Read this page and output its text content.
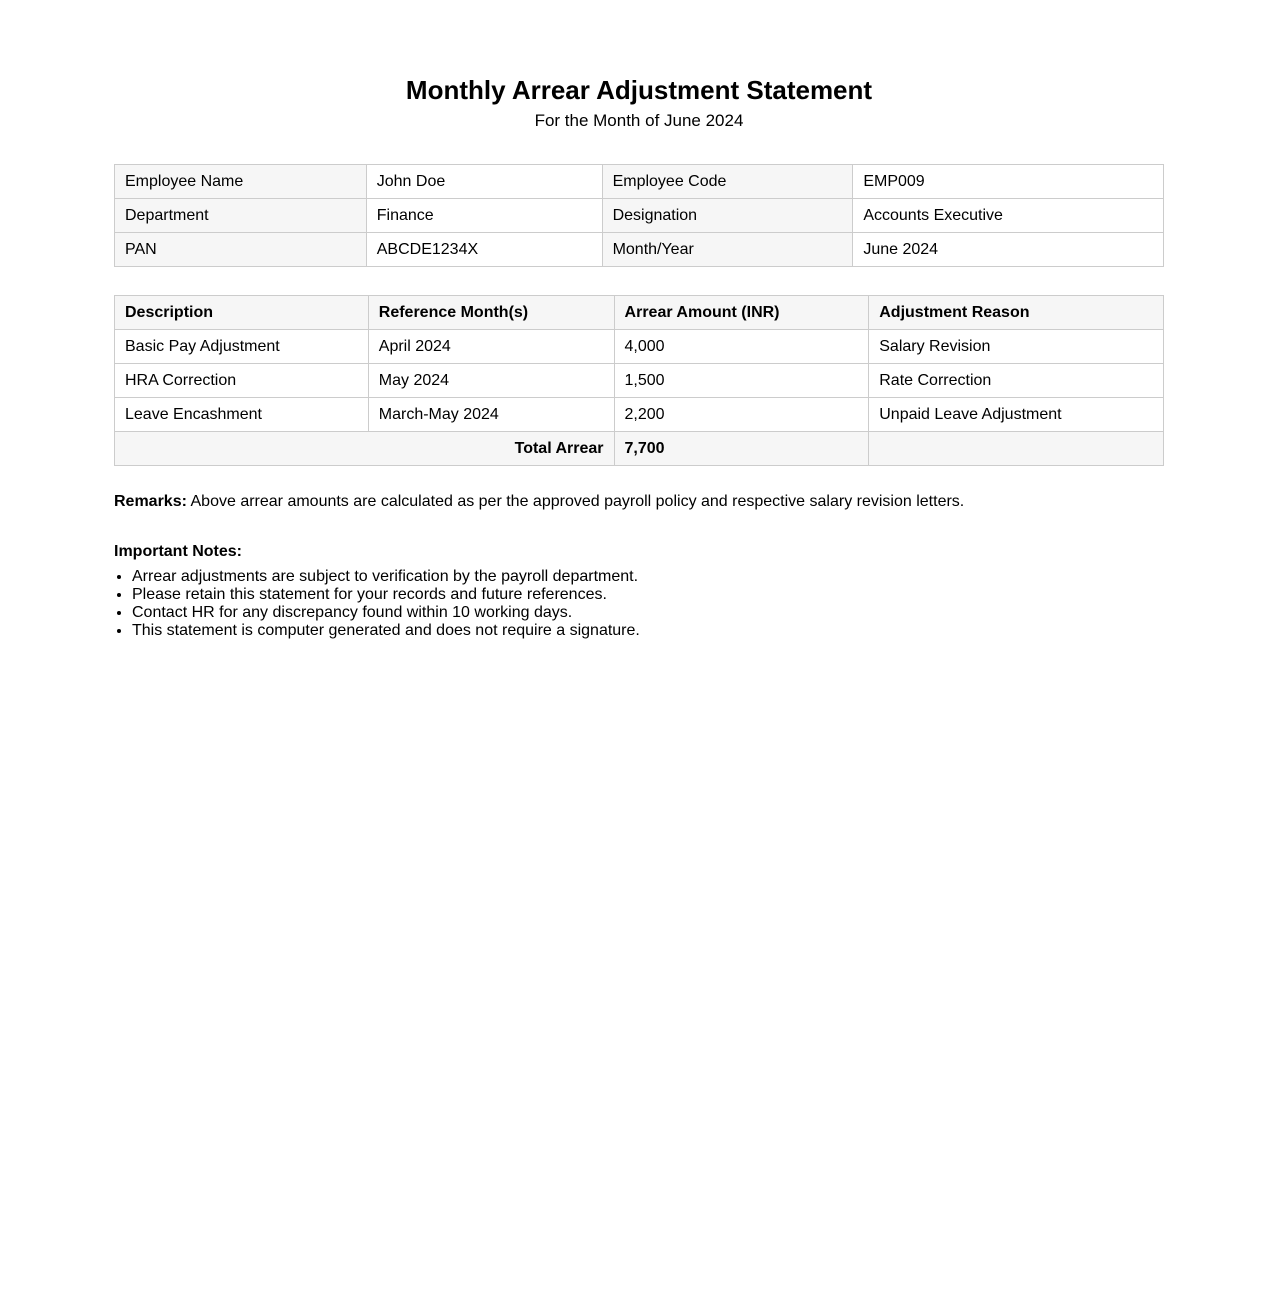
Monthly Arrear Adjustment Statement
For the Month of June 2024
Employee Name	John Doe	Employee Code	EMP009
Department	Finance	Designation	Accounts Executive
PAN	ABCDE1234X	Month/Year	June 2024
Description	Reference Month(s)	Arrear Amount (INR)	Adjustment Reason
Basic Pay Adjustment	April 2024	4,000	Salary Revision
HRA Correction	May 2024	1,500	Rate Correction
Leave Encashment	March-May 2024	2,200	Unpaid Leave Adjustment
Total Arrear		7,700	
Remarks: Above arrear amounts are calculated as per the approved payroll policy and respective salary revision letters.
Important Notes:
• Arrear adjustments are subject to verification by the payroll department.
• Please retain this statement for your records and future references.
• Contact HR for any discrepancy found within 10 working days.
• This statement is computer generated and does not require a signature.
